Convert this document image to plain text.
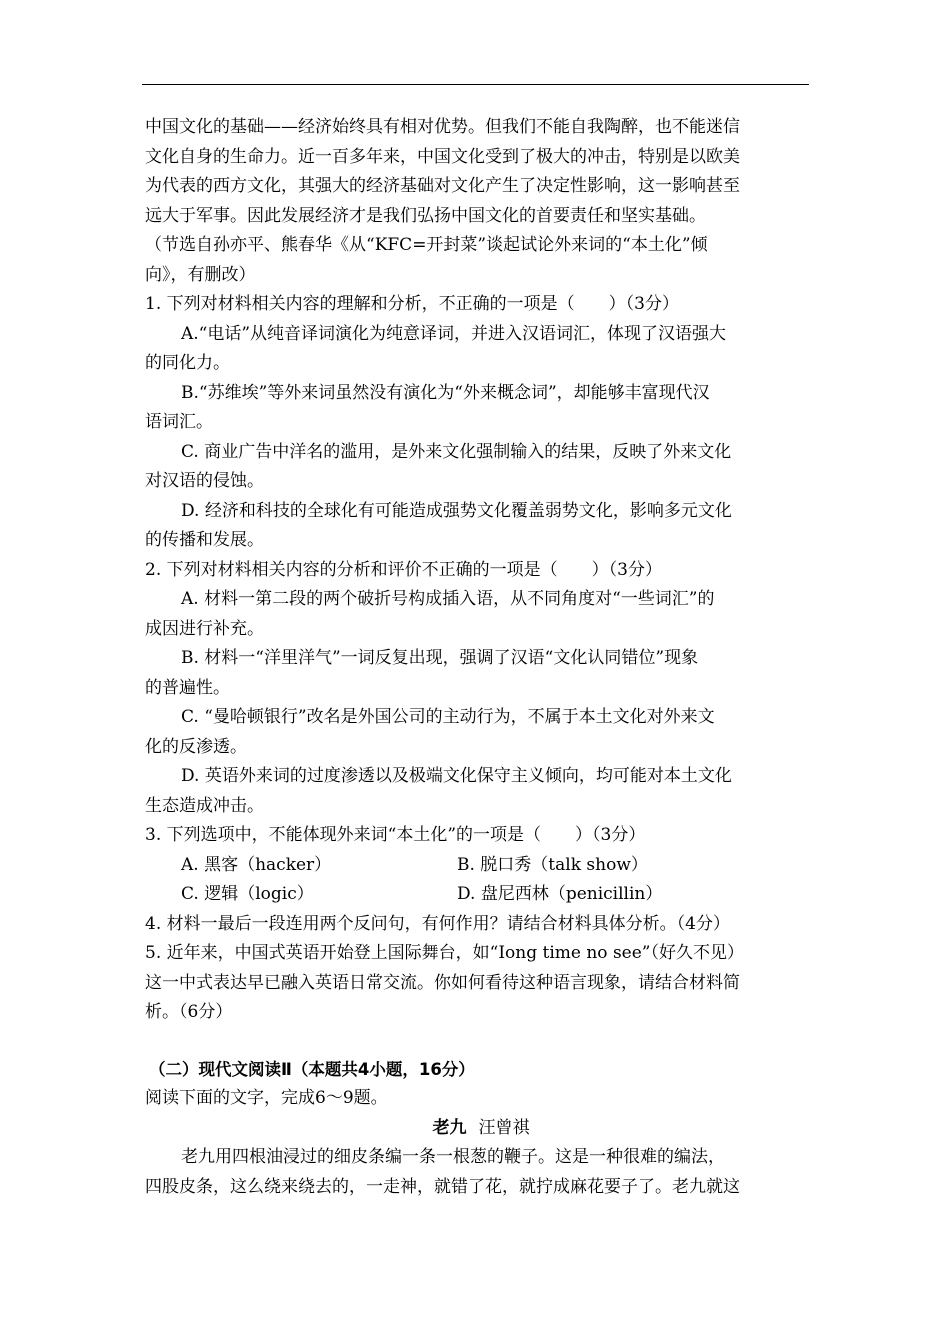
中国文化的基础——经济始终具有相对优势。但我们不能自我陶醉，也不能迷信
文化自身的生命力。近一百多年来，中国文化受到了极大的冲击，特别是以欧美
为代表的西方文化，其强大的经济基础对文化产生了决定性影响，这一影响甚至
远大于军事。因此发展经济才是我们弘扬中国文化的首要责任和坚实基础。
（节选自孙亦平、熊春华《从“KFC=开封菜”谈起试论外来词的“本土化”倾
向》，有删改）
1. 下列对材料相关内容的理解和分析，不正确的一项是（　　）（3分）
A.“电话”从纯音译词演化为纯意译词，并进入汉语词汇，体现了汉语强大
的同化力。
B.“苏维埃”等外来词虽然没有演化为“外来概念词”，却能够丰富现代汉
语词汇。
C. 商业广告中洋名的滥用，是外来文化强制输入的结果，反映了外来文化
对汉语的侵蚀。
D. 经济和科技的全球化有可能造成强势文化覆盖弱势文化，影响多元文化
的传播和发展。
2. 下列对材料相关内容的分析和评价不正确的一项是（　　）（3分）
A. 材料一第二段的两个破折号构成插入语，从不同角度对“一些词汇”的
成因进行补充。
B. 材料一“洋里洋气”一词反复出现，强调了汉语“文化认同错位”现象
的普遍性。
C. “曼哈顿银行”改名是外国公司的主动行为，不属于本土文化对外来文
化的反渗透。
D. 英语外来词的过度渗透以及极端文化保守主义倾向，均可能对本土文化
生态造成冲击。
3. 下列选项中，不能体现外来词“本土化”的一项是（　　）（3分）
A. 黑客（hacker）	B. 脱口秀（talk show）
C. 逻辑（logic）	D. 盘尼西林（penicillin）
4. 材料一最后一段连用两个反问句，有何作用？请结合材料具体分析。（4分）
5. 近年来，中国式英语开始登上国际舞台，如“Iong time no see”（好久不见）
这一中式表达早已融入英语日常交流。你如何看待这种语言现象，请结合材料简
析。（6分）
（二）现代文阅读Ⅱ（本题共4小题，16分）
阅读下面的文字，完成6～9题。
老九 汪曾祺
老九用四根油浸过的细皮条编一条一根葱的鞭子。这是一种很难的编法，
四股皮条，这么绕来绕去的，一走神，就错了花，就拧成麻花要子了。老九就这
